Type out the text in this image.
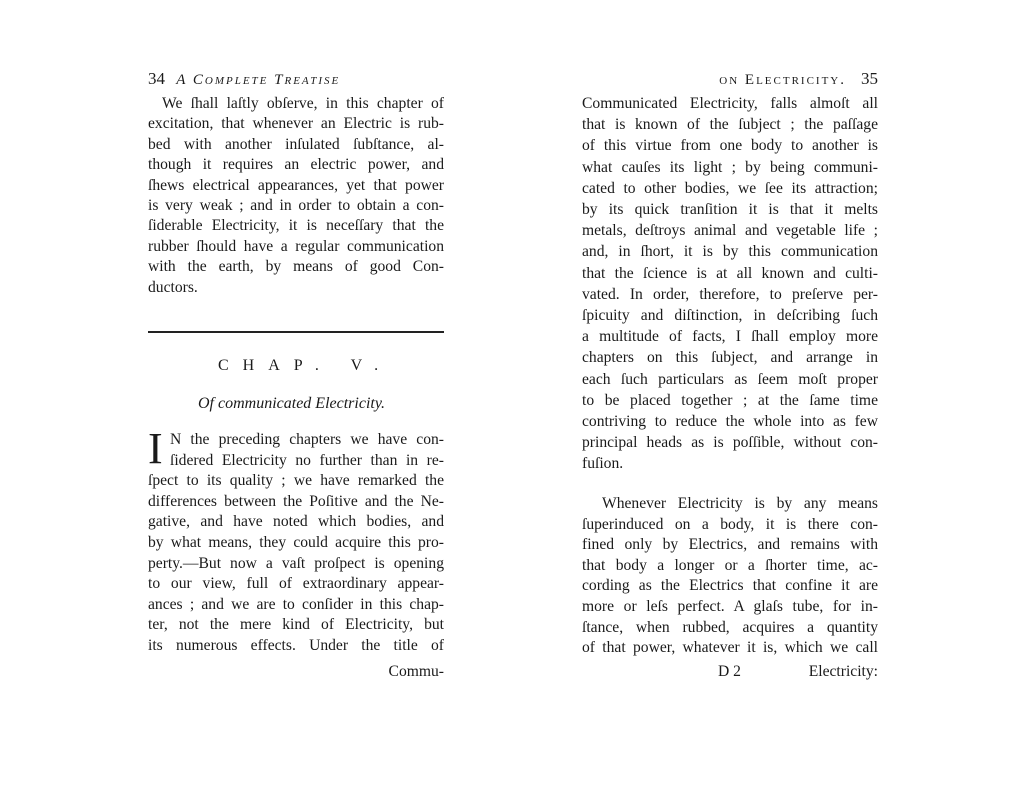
34 A Complete Treatise
We ſhall laſtly obſerve, in this chapter of
excitation, that whenever an Electric is rub-
bed with another inſulated ſubſtance, al-
though it requires an electric power, and
ſhews electrical appearances, yet that power
is very weak ; and in order to obtain a con-
ſiderable Electricity, it is neceſſary that the
rubber ſhould have a regular communication
with the earth, by means of good Con-
ductors.
CHAP. V.
Of communicated Electricity.
I N the preceding chapters we have con-
ſidered Electricity no further than in re-
ſpect to its quality ; we have remarked the
differences between the Poſitive and the Ne-
gative, and have noted which bodies, and
by what means, they could acquire this pro-
perty.—But now a vaſt proſpect is opening
to our view, full of extraordinary appear-
ances ; and we are to conſider in this chap-
ter, not the mere kind of Electricity, but
its numerous effects. Under the title of
Commu-
on Electricity. 35
Communicated Electricity, falls almoſt all
that is known of the ſubject ; the paſſage
of this virtue from one body to another is
what cauſes its light ; by being communi-
cated to other bodies, we ſee its attraction;
by its quick tranſition it is that it melts
metals, deſtroys animal and vegetable life ;
and, in ſhort, it is by this communication
that the ſcience is at all known and culti-
vated. In order, therefore, to preſerve per-
ſpicuity and diſtinction, in deſcribing ſuch
a multitude of facts, I ſhall employ more
chapters on this ſubject, and arrange in
each ſuch particulars as ſeem moſt proper
to be placed together ; at the ſame time
contriving to reduce the whole into as few
principal heads as is poſſible, without con-
fuſion.
Whenever Electricity is by any means
ſuperinduced on a body, it is there con-
fined only by Electrics, and remains with
that body a longer or a ſhorter time, ac-
cording as the Electrics that confine it are
more or leſs perfect. A glaſs tube, for in-
ſtance, when rubbed, acquires a quantity
of that power, whatever it is, which we call
D 2	Electricity:
